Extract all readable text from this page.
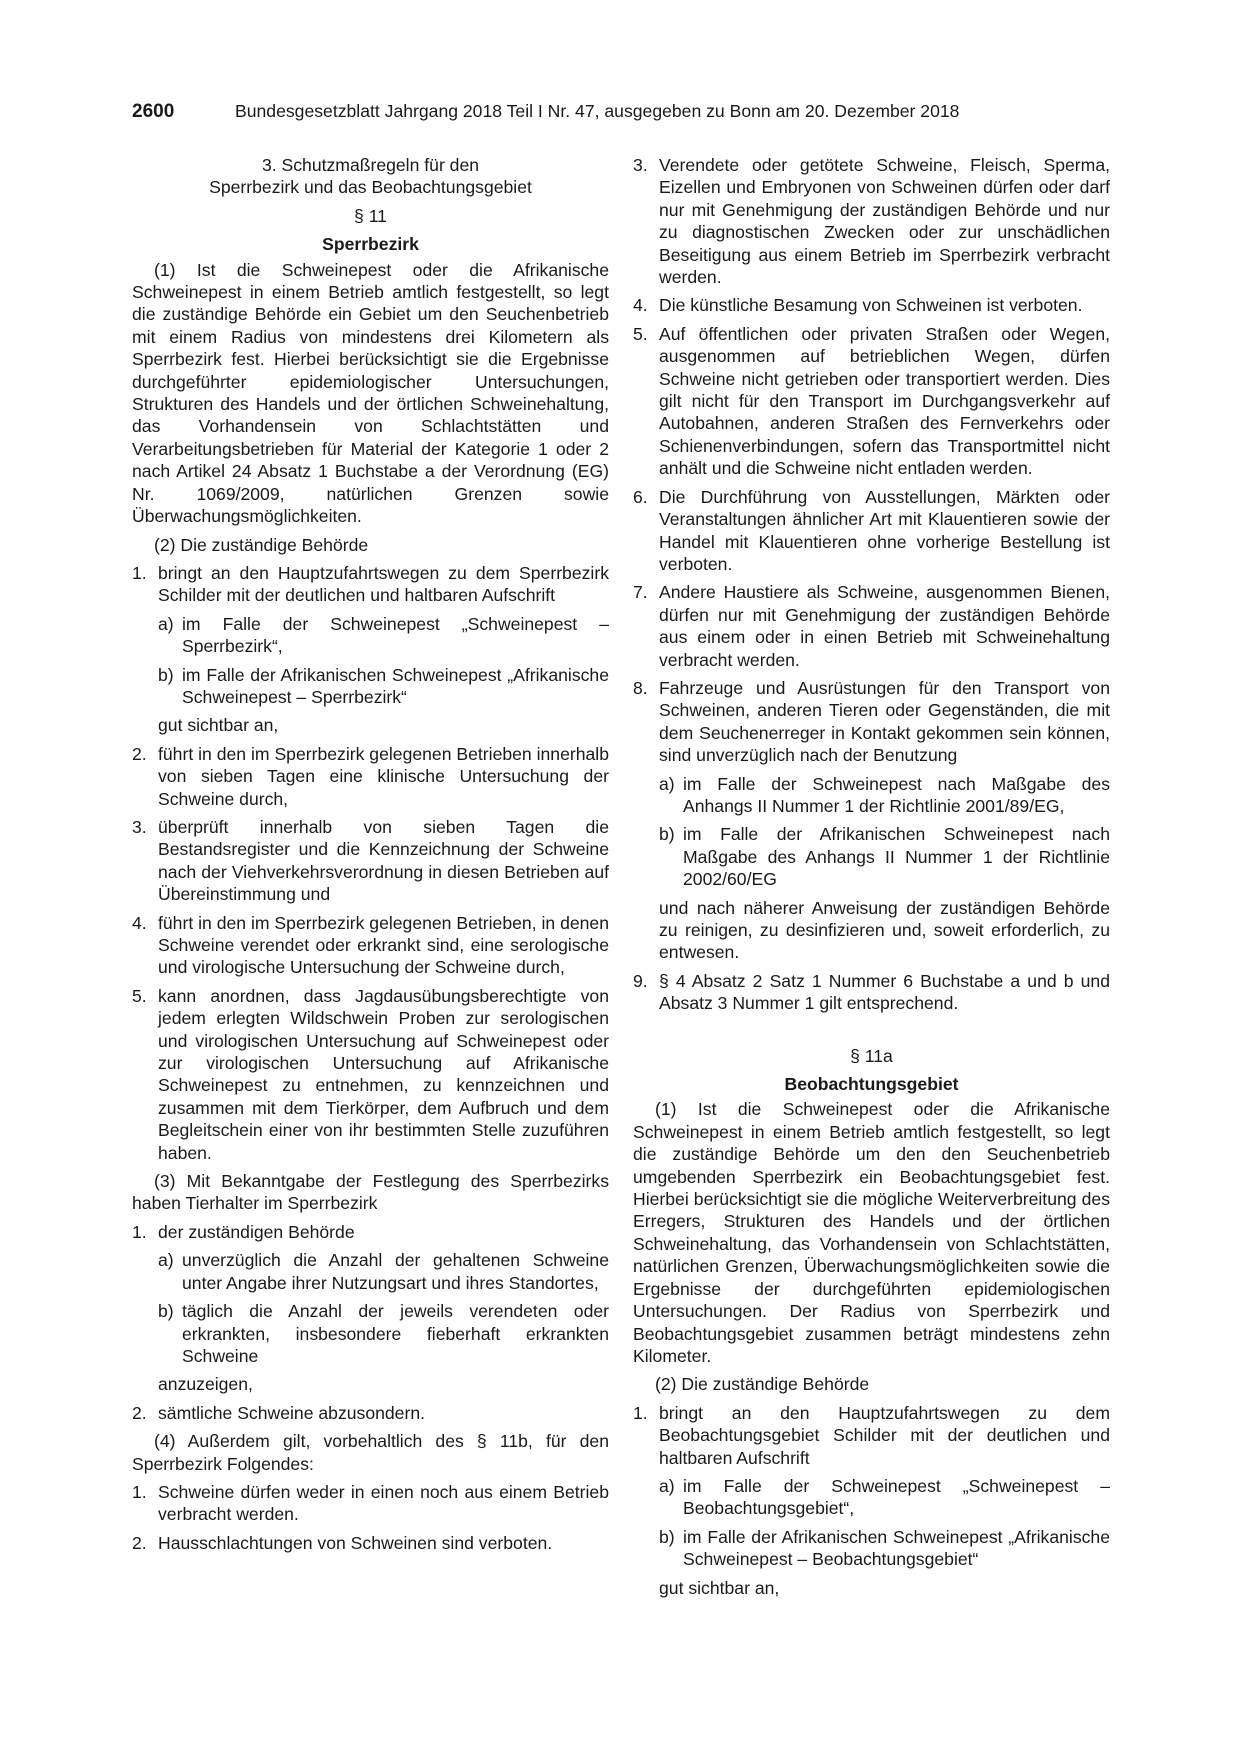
2600	Bundesgesetzblatt Jahrgang 2018 Teil I Nr. 47, ausgegeben zu Bonn am 20. Dezember 2018
3. Schutzmaßregeln für den
Sperrbezirk und das Beobachtungsgebiet
§ 11
Sperrbezirk

(1) Ist die Schweinepest oder die Afrikanische Schweinepest in einem Betrieb amtlich festgestellt, so legt die zuständige Behörde ein Gebiet um den Seuchenbetrieb mit einem Radius von mindestens drei Kilometern als Sperrbezirk fest. Hierbei berücksichtigt sie die Ergebnisse durchgeführter epidemiologischer Untersuchungen, Strukturen des Handels und der örtlichen Schweinehaltung, das Vorhandensein von Schlachtstätten und Verarbeitungsbetrieben für Material der Kategorie 1 oder 2 nach Artikel 24 Absatz 1 Buchstabe a der Verordnung (EG) Nr. 1069/2009, natürlichen Grenzen sowie Überwachungsmöglichkeiten.

(2) Die zuständige Behörde

1. bringt an den Hauptzufahrtswegen zu dem Sperrbezirk Schilder mit der deutlichen und haltbaren Aufschrift
a) im Falle der Schweinepest „Schweinepest – Sperrbezirk“,
b) im Falle der Afrikanischen Schweinepest „Afrikanische Schweinepest – Sperrbezirk“
gut sichtbar an,
2. führt in den im Sperrbezirk gelegenen Betrieben innerhalb von sieben Tagen eine klinische Untersuchung der Schweine durch,
3. überprüft innerhalb von sieben Tagen die Bestandsregister und die Kennzeichnung der Schweine nach der Viehverkehrsverordnung in diesen Betrieben auf Übereinstimmung und
4. führt in den im Sperrbezirk gelegenen Betrieben, in denen Schweine verendet oder erkrankt sind, eine serologische und virologische Untersuchung der Schweine durch,
5. kann anordnen, dass Jagdausübungsberechtigte von jedem erlegten Wildschwein Proben zur serologischen und virologischen Untersuchung auf Schweinepest oder zur virologischen Untersuchung auf Afrikanische Schweinepest zu entnehmen, zu kennzeichnen und zusammen mit dem Tierkörper, dem Aufbruch und dem Begleitschein einer von ihr bestimmten Stelle zuzuführen haben.

(3) Mit Bekanntgabe der Festlegung des Sperrbezirks haben Tierhalter im Sperrbezirk

1. der zuständigen Behörde
a) unverzüglich die Anzahl der gehaltenen Schweine unter Angabe ihrer Nutzungsart und ihres Standortes,
b) täglich die Anzahl der jeweils verendeten oder erkrankten, insbesondere fieberhaft erkrankten Schweine
anzuzeigen,
2. sämtliche Schweine abzusondern.

(4) Außerdem gilt, vorbehaltlich des § 11b, für den Sperrbezirk Folgendes:

1. Schweine dürfen weder in einen noch aus einem Betrieb verbracht werden.
2. Hausschlachtungen von Schweinen sind verboten.
3. Verendete oder getötete Schweine, Fleisch, Sperma, Eizellen und Embryonen von Schweinen dürfen oder darf nur mit Genehmigung der zuständigen Behörde und nur zu diagnostischen Zwecken oder zur unschädlichen Beseitigung aus einem Betrieb im Sperrbezirk verbracht werden.
4. Die künstliche Besamung von Schweinen ist verboten.
5. Auf öffentlichen oder privaten Straßen oder Wegen, ausgenommen auf betrieblichen Wegen, dürfen Schweine nicht getrieben oder transportiert werden. Dies gilt nicht für den Transport im Durchgangsverkehr auf Autobahnen, anderen Straßen des Fernverkehrs oder Schienenverbindungen, sofern das Transportmittel nicht anhält und die Schweine nicht entladen werden.
6. Die Durchführung von Ausstellungen, Märkten oder Veranstaltungen ähnlicher Art mit Klauentieren sowie der Handel mit Klauentieren ohne vorherige Bestellung ist verboten.
7. Andere Haustiere als Schweine, ausgenommen Bienen, dürfen nur mit Genehmigung der zuständigen Behörde aus einem oder in einen Betrieb mit Schweinehaltung verbracht werden.
8. Fahrzeuge und Ausrüstungen für den Transport von Schweinen, anderen Tieren oder Gegenständen, die mit dem Seuchenerreger in Kontakt gekommen sein können, sind unverzüglich nach der Benutzung
a) im Falle der Schweinepest nach Maßgabe des Anhangs II Nummer 1 der Richtlinie 2001/89/EG,
b) im Falle der Afrikanischen Schweinepest nach Maßgabe des Anhangs II Nummer 1 der Richtlinie 2002/60/EG
und nach näherer Anweisung der zuständigen Behörde zu reinigen, zu desinfizieren und, soweit erforderlich, zu entwesen.
9. § 4 Absatz 2 Satz 1 Nummer 6 Buchstabe a und b und Absatz 3 Nummer 1 gilt entsprechend.
§ 11a
Beobachtungsgebiet

(1) Ist die Schweinepest oder die Afrikanische Schweinepest in einem Betrieb amtlich festgestellt, so legt die zuständige Behörde um den den Seuchenbetrieb umgebenden Sperrbezirk ein Beobachtungsgebiet fest. Hierbei berücksichtigt sie die mögliche Weiterverbreitung des Erregers, Strukturen des Handels und der örtlichen Schweinehaltung, das Vorhandensein von Schlachtstätten, natürlichen Grenzen, Überwachungsmöglichkeiten sowie die Ergebnisse der durchgeführten epidemiologischen Untersuchungen. Der Radius von Sperrbezirk und Beobachtungsgebiet zusammen beträgt mindestens zehn Kilometer.

(2) Die zuständige Behörde

1. bringt an den Hauptzufahrtswegen zu dem Beobachtungsgebiet Schilder mit der deutlichen und haltbaren Aufschrift
a) im Falle der Schweinepest „Schweinepest – Beobachtungsgebiet“,
b) im Falle der Afrikanischen Schweinepest „Afrikanische Schweinepest – Beobachtungsgebiet“
gut sichtbar an,
